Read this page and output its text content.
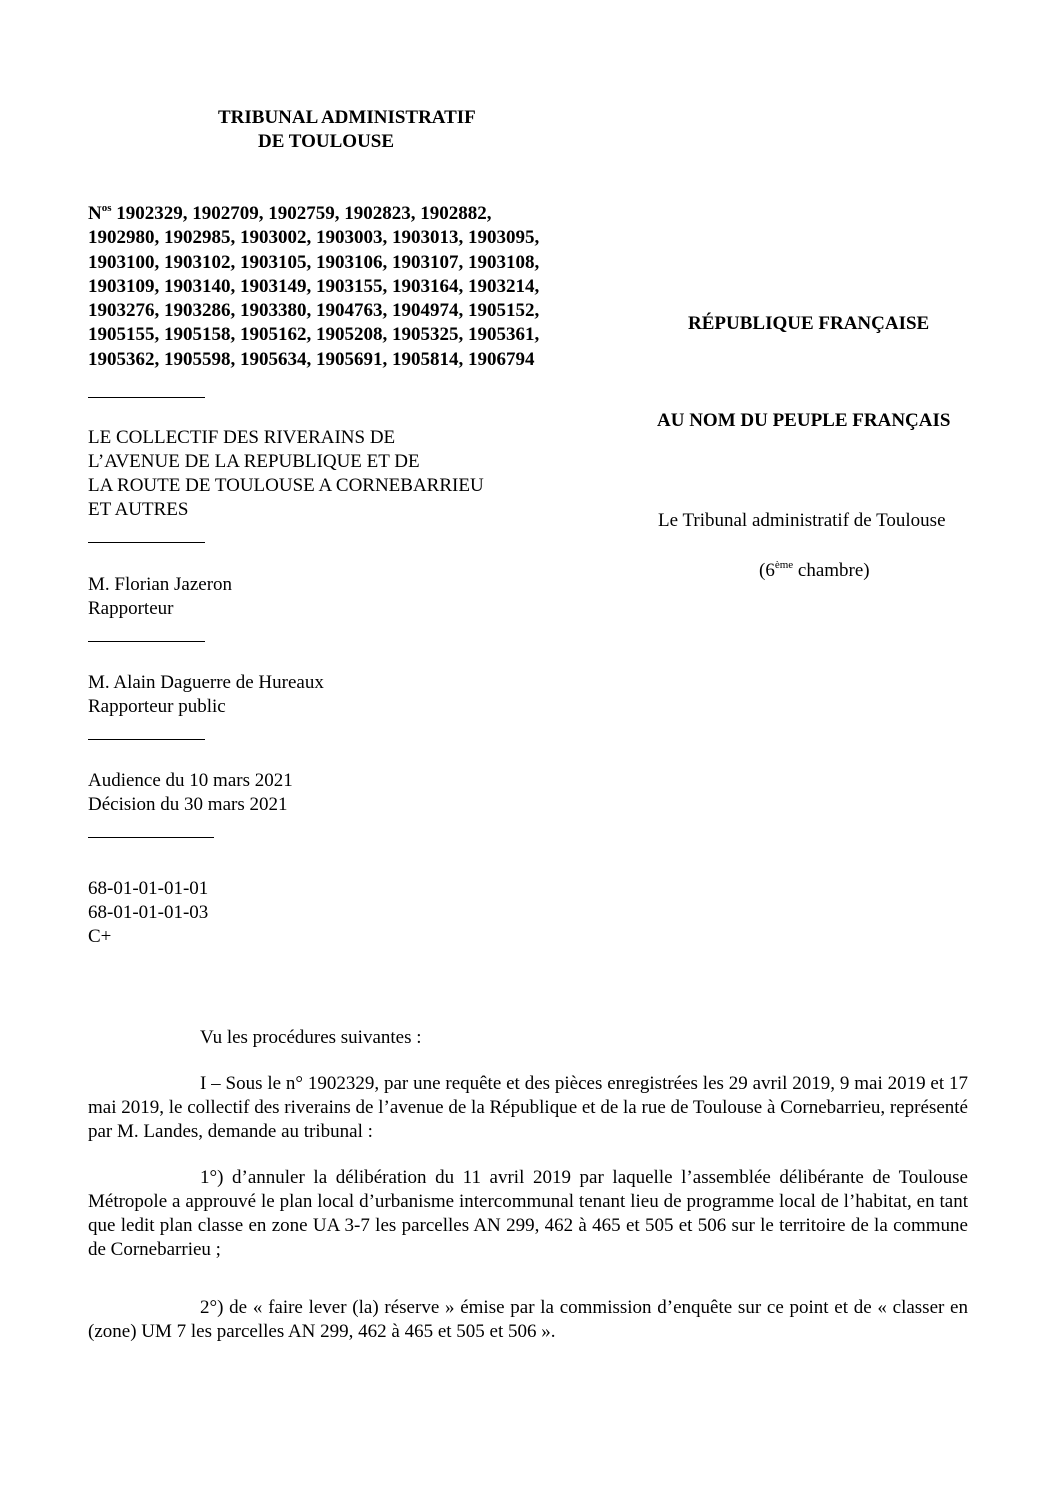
TRIBUNAL ADMINISTRATIF
DE TOULOUSE
$N^{os}$ 1902329, 1902709, 1902759, 1902823, 1902882,
1902980, 1902985, 1903002, 1903003, 1903013, 1903095,
1903100, 1903102, 1903105, 1903106, 1903107, 1903108,
1903109, 1903140, 1903149, 1903155, 1903164, 1903214,
1903276, 1903286, 1903380, 1904763, 1904974, 1905152,
1905155, 1905158, 1905162, 1905208, 1905325, 1905361,
1905362, 1905598, 1905634, 1905691, 1905814, 1906794
LE COLLECTIF DES RIVERAINS DE
L’AVENUE DE LA REPUBLIQUE ET DE
LA ROUTE DE TOULOUSE A CORNEBARRIEU
ET AUTRES
M. Florian Jazeron
Rapporteur
M. Alain Daguerre de Hureaux
Rapporteur public
Audience du 10 mars 2021
Décision du 30 mars 2021
68-01-01-01-01
68-01-01-01-03
C+
RÉPUBLIQUE FRANÇAISE
AU NOM DU PEUPLE FRANÇAIS
Le Tribunal administratif de Toulouse
(6ème chambre)
Vu les procédures suivantes :
I – Sous le n° 1902329, par une requête et des pièces enregistrées les 29 avril 2019, 9 mai 2019 et 17 mai 2019, le collectif des riverains de l’avenue de la République et de la rue de Toulouse à Cornebarrieu, représenté par M. Landes, demande au tribunal :
1°) d’annuler la délibération du 11 avril 2019 par laquelle l’assemblée délibérante de Toulouse Métropole a approuvé le plan local d’urbanisme intercommunal tenant lieu de programme local de l’habitat, en tant que ledit plan classe en zone UA 3-7 les parcelles AN 299, 462 à 465 et 505 et 506 sur le territoire de la commune de Cornebarrieu ;
2°) de « faire lever (la) réserve » émise par la commission d’enquête sur ce point et de « classer en (zone) UM 7 les parcelles AN 299, 462 à 465 et 505 et 506 ».
